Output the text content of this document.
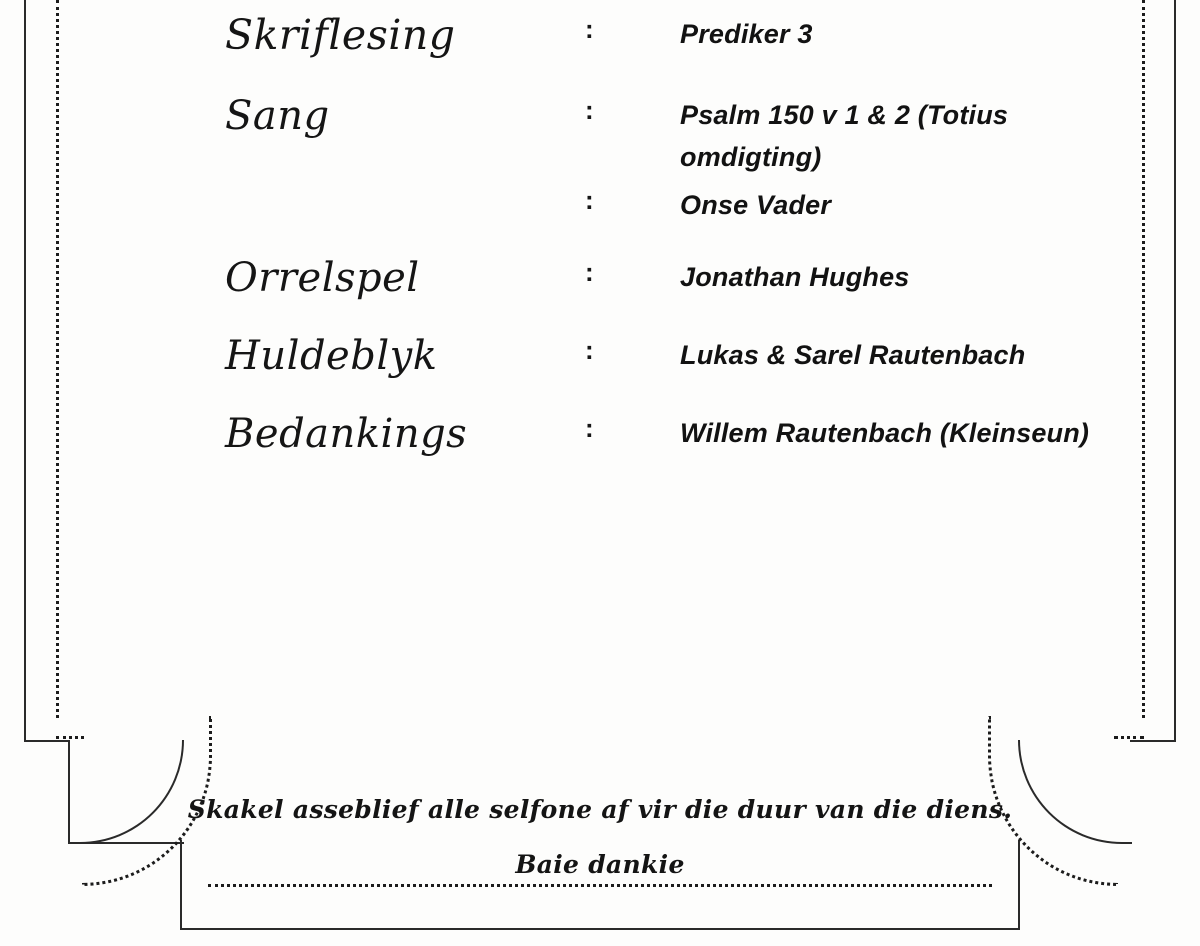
Skriflesing	:	Prediker 3
Sang	:	Psalm 150 v 1 & 2 (Totius omdigting)
	:	Onse Vader
Orrelspel	:	Jonathan Hughes
Huldeblyk	:	Lukas & Sarel Rautenbach
Bedankings	:	Willem Rautenbach (Kleinseun)
Skakel asseblief alle selfone af vir die duur van die diens.
Baie dankie
